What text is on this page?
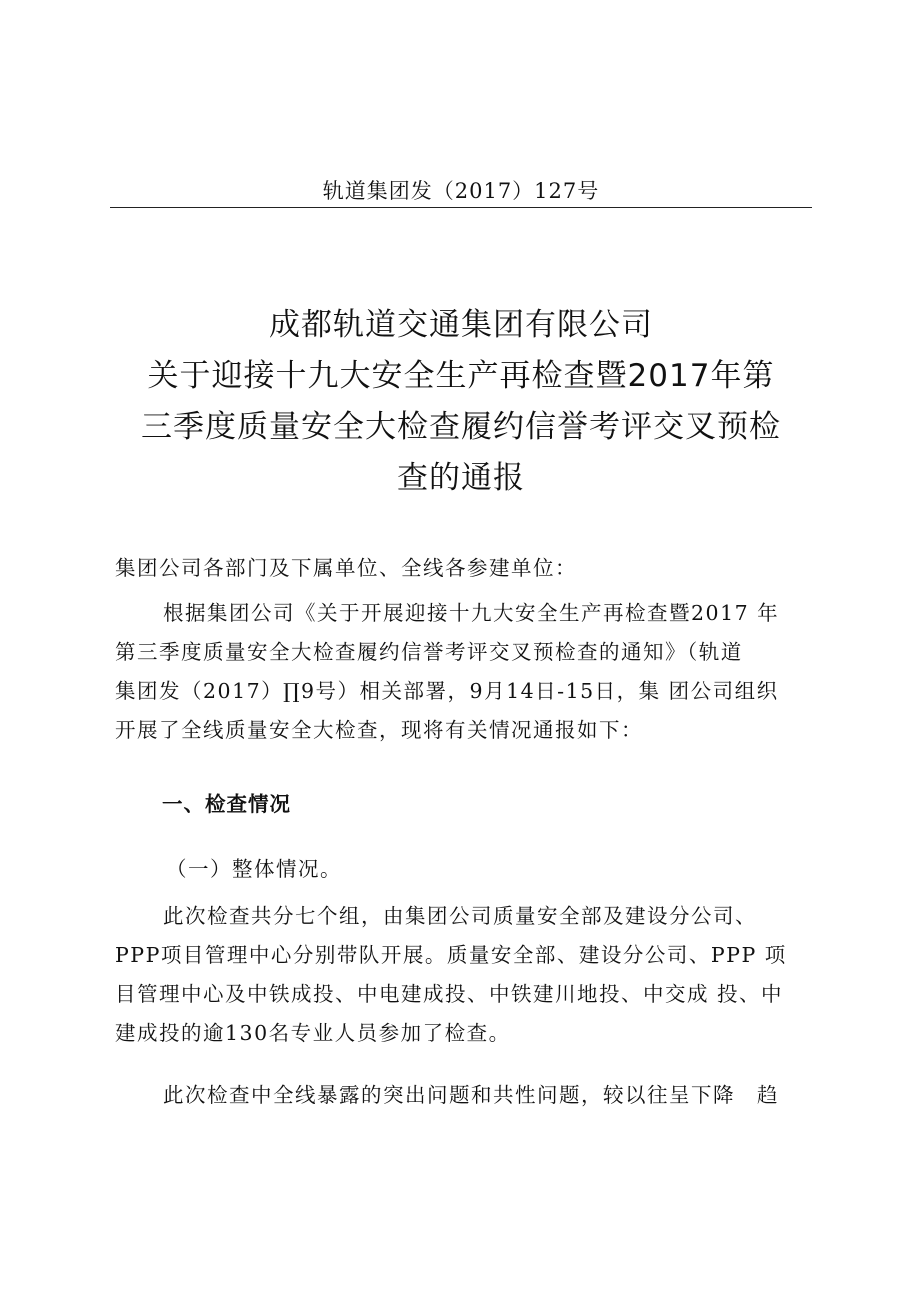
轨道集团发（2017）127号
成都轨道交通集团有限公司
关于迎接十九大安全生产再检查暨2017年第
三季度质量安全大检查履约信誉考评交叉预检
查的通报
集团公司各部门及下属单位、全线各参建单位：
根据集团公司《关于开展迎接十九大安全生产再检查暨2017 年
第三季度质量安全大检查履约信誉考评交叉预检查的通知》（轨道
集团发（2017）∏9号）相关部署，9月14日-15日，集 团公司组织
开展了全线质量安全大检查，现将有关情况通报如下：
一、检查情况
（一）整体情况。
此次检查共分七个组，由集团公司质量安全部及建设分公司、
PPP项目管理中心分别带队开展。质量安全部、建设分公司、PPP 项
目管理中心及中铁成投、中电建成投、中铁建川地投、中交成 投、中
建成投的逾130名专业人员参加了检查。
此次检查中全线暴露的突出问题和共性问题，较以往呈下降　趋
